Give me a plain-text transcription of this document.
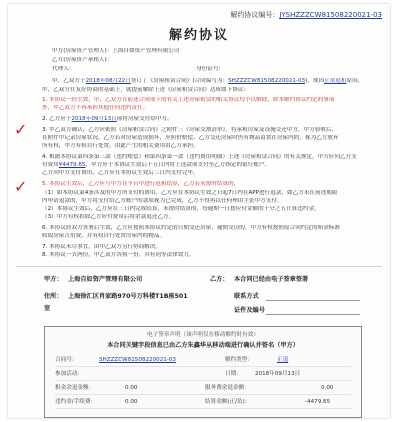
解约协议编号：JYSHZZZCW81508220021-03
解约协议
甲方(房屋资产管理人)：上海自如资产管理有限公司
乙方(房屋资产承租人)：
代理人：	身份证号：
甲、乙双方于2018年08月22日签订了《房屋租赁合同》(合同编号为：SHZZZCW81508220021-03)，现因正常退租原因，
甲、乙双方在友好协商的基础上，就提前解除上述《房屋租赁合同》达成如下协议：
✓
1. 本协议一经生效，甲、乙双方在前述合同项下的有关上述房屋租赁的相关协议均予以解除，除本解约协议约定的事项
外，甲乙双方不再承担其他任何违约责任。
2. 乙方应于2018年09月13日前将房屋交付给甲方。
3. 甲乙双方确认，乙方应依照《房屋租赁合同》之附件三《房屋交割清单》，将承租房屋及设施交还甲方，甲方验收后，
在附件中记录房屋状况。乙方若对房屋造成损坏，应照价赔偿。乙方交还房屋时仍有物品留置在房屋内的，视为乙方放弃
所有权，甲方有权自行处置，由此产生的相关费用由乙方承担。
4. 根据本协议第四条第三款（违约赔偿）和第四条第一款（违约费用明细）上述《房屋租赁合同》的有关规定，甲方应向乙方支
付费用¥4479.65，甲方应于本协议生效后十五日内将上述款项支付至乙方指定的银行账户。
乙方向甲方支付费用，乙方应在本协议生效后三日内支付完毕。
✓	5. 本协议生效后，乙方应与甲方在平台中进行退租结算，乙方若未按时结算的，
（1）如本协议第4条涉及的甲方所支付的费用，乙方应在本协议生效之日起7日内在APP进行退款，如乙方未在前述期限
内申请退款的，甲方将支付给乙方账户的款项视为已完成，乙方不得再以任何理由主张甲方支付。
（2）本协议生效后，乙方应在三日内完成结算，未按时结算的，每逾期一日按应付金额的千分之五计算违约金。
（3）甲方有权扣除乙方应付费用后将余款退还乙方。
6. 本协议经双方签署后生效，乙方应按照本协议约定的日期交还房屋，逾期交房的，甲方有权按照原合同约定的租金标准
收取房屋占用费，并有权自行处置房屋内的物品。
7. 本协议未尽事宜，由甲乙双方另行协商解决。
8. 本协议一式两份，甲乙双方各执一份，具有同等法律效力。
甲方： 上海自如资产管理有限公司
住所： 上海徐汇区肖家路970号万科楼T1B座501
室
乙方： 本合同已经由电子签章签署
联系方式
证件及编号
电子签章声明（该声明仅在移动解约时有效）
本合同关键字段信息已由乙方朱鑫华从移动端进行确认并签名（甲方）
合同号：	SHZZZCW81508220021-03	解约类型：	正退
参加活动：	日期： 2018年09月13日
租金余退金额：	0.00	服务费余退金额：	0.00
违约金/手续费：	0.00	结算金额(正/负)：	-4479.65
